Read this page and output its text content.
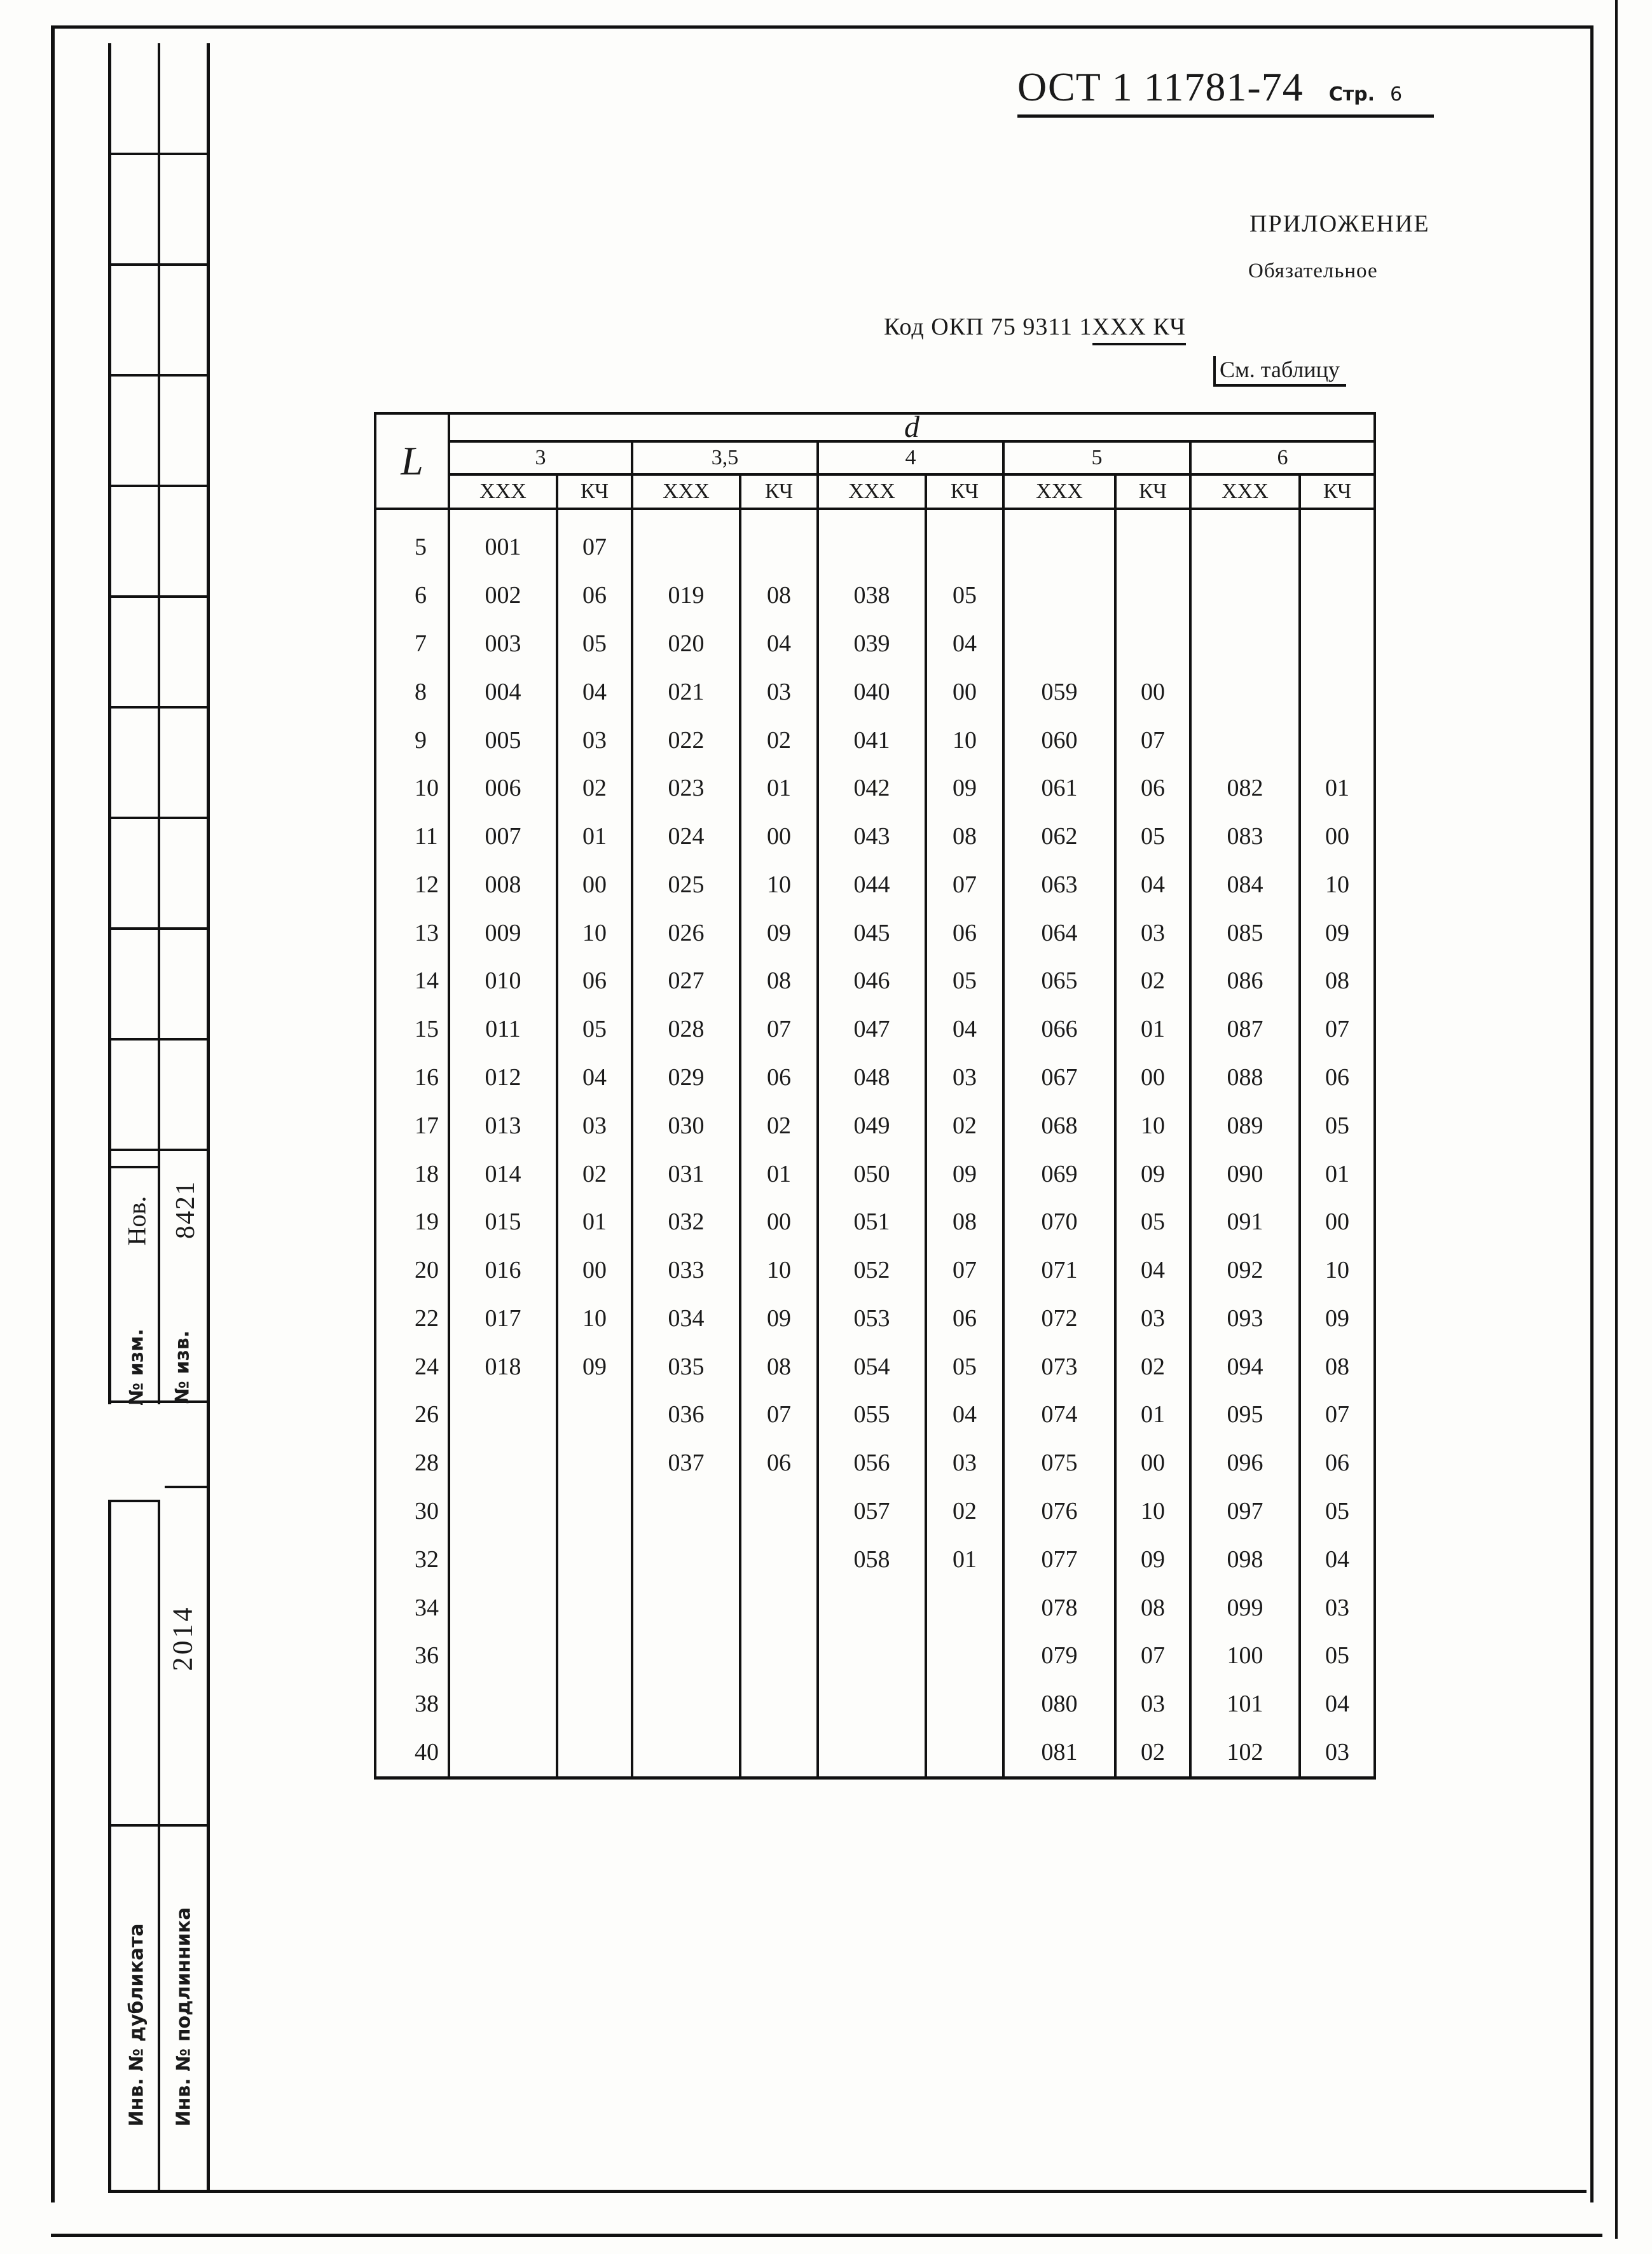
№ изм.
Нов.
№ изв.
8421
2014
Инв. № дубликата Инв. № подлинника
ОСТ 1 11781-74 Стр. 6
ПРИЛОЖЕНИЕ
Обязательное
Код ОКП 75 9311 1XXX КЧ
См. таблицу
L	d									
	3		3,5		4		5		6	
	XXX	КЧ	XXX	КЧ	XXX	КЧ	XXX	КЧ	XXX	КЧ
5	001	07								
6	002	06	019	08	038	05				
7	003	05	020	04	039	04				
8	004	04	021	03	040	00	059	00		
9	005	03	022	02	041	10	060	07		
10	006	02	023	01	042	09	061	06	082	01
11	007	01	024	00	043	08	062	05	083	00
12	008	00	025	10	044	07	063	04	084	10
13	009	10	026	09	045	06	064	03	085	09
14	010	06	027	08	046	05	065	02	086	08
15	011	05	028	07	047	04	066	01	087	07
16	012	04	029	06	048	03	067	00	088	06
17	013	03	030	02	049	02	068	10	089	05
18	014	02	031	01	050	09	069	09	090	01
19	015	01	032	00	051	08	070	05	091	00
20	016	00	033	10	052	07	071	04	092	10
22	017	10	034	09	053	06	072	03	093	09
24	018	09	035	08	054	05	073	02	094	08
26			036	07	055	04	074	01	095	07
28			037	06	056	03	075	00	096	06
30					057	02	076	10	097	05
32					058	01	077	09	098	04
34							078	08	099	03
36							079	07	100	05
38							080	03	101	04
40							081	02	102	03
